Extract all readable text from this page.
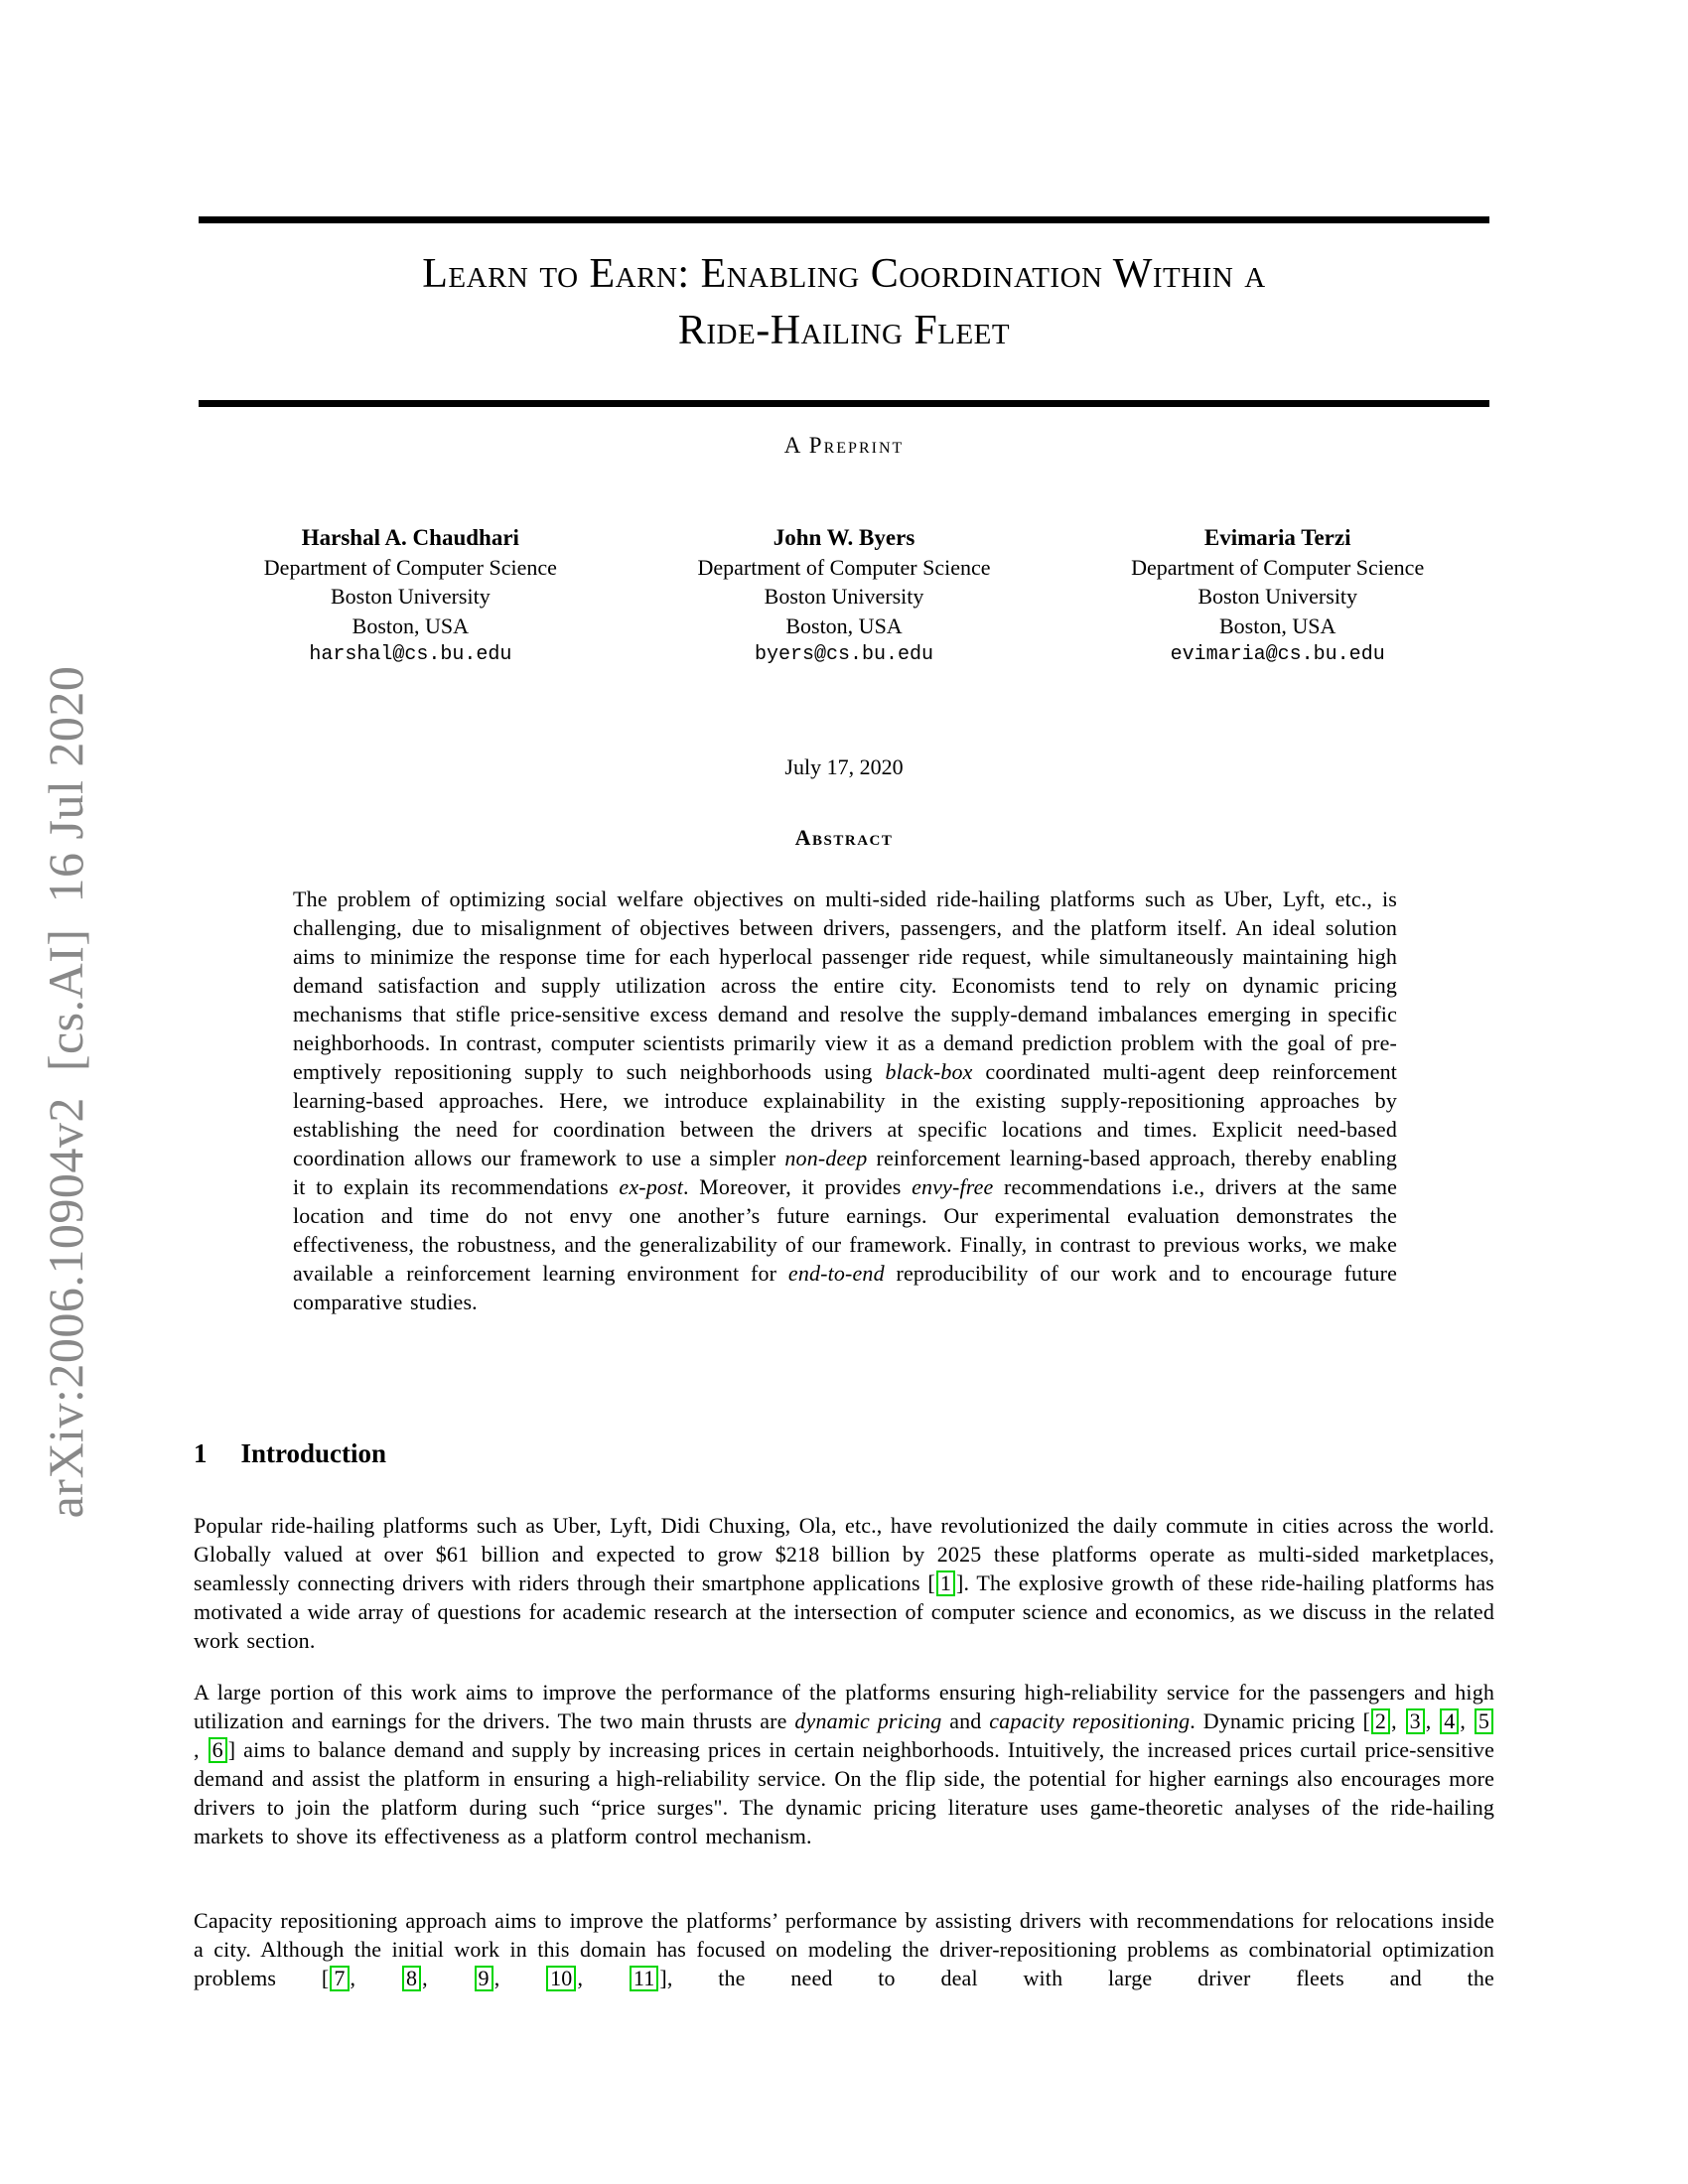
arXiv:2006.10904v2  [cs.AI]  16 Jul 2020
Learn to Earn: Enabling Coordination Within a
Ride-Hailing Fleet
A Preprint
Harshal A. Chaudhari
Department of Computer Science
Boston University
Boston, USA
harshal@cs.bu.edu
John W. Byers
Department of Computer Science
Boston University
Boston, USA
byers@cs.bu.edu
Evimaria Terzi
Department of Computer Science
Boston University
Boston, USA
evimaria@cs.bu.edu
July 17, 2020
Abstract
The problem of optimizing social welfare objectives on multi-sided ride-hailing platforms such as Uber, Lyft, etc., is challenging, due to misalignment of objectives between drivers, passengers, and the platform itself. An ideal solution aims to minimize the response time for each hyperlocal passenger ride request, while simultaneously maintaining high demand satisfaction and supply utilization across the entire city. Economists tend to rely on dynamic pricing mechanisms that stifle price-sensitive excess demand and resolve the supply-demand imbalances emerging in specific neighborhoods. In contrast, computer scientists primarily view it as a demand prediction problem with the goal of pre-emptively repositioning supply to such neighborhoods using black-box coordinated multi-agent deep reinforcement learning-based approaches. Here, we introduce explainability in the existing supply-repositioning approaches by establishing the need for coordination between the drivers at specific locations and times. Explicit need-based coordination allows our framework to use a simpler non-deep reinforcement learning-based approach, thereby enabling it to explain its recommendations ex-post. Moreover, it provides envy-free recommendations i.e., drivers at the same location and time do not envy one another’s future earnings. Our experimental evaluation demonstrates the effectiveness, the robustness, and the generalizability of our framework. Finally, in contrast to previous works, we make available a reinforcement learning environment for end-to-end reproducibility of our work and to encourage future comparative studies.
1 Introduction
Popular ride-hailing platforms such as Uber, Lyft, Didi Chuxing, Ola, etc., have revolutionized the daily commute in cities across the world. Globally valued at over $61 billion and expected to grow $218 billion by 2025 these platforms operate as multi-sided marketplaces, seamlessly connecting drivers with riders through their smartphone applications [ 1 ]. The explosive growth of these ride-hailing platforms has motivated a wide array of questions for academic research at the intersection of computer science and economics, as we discuss in the related work section.
A large portion of this work aims to improve the performance of the platforms ensuring high-reliability service for the passengers and high utilization and earnings for the drivers. The two main thrusts are dynamic pricing and capacity repositioning. Dynamic pricing [ 2 , 3 , 4 , 5, 6 ] aims to balance demand and supply by increasing prices in certain neighborhoods. Intuitively, the increased prices curtail price-sensitive demand and assist the platform in ensuring a high-reliability service. On the flip side, the potential for higher earnings also encourages more drivers to join the platform during such “price surges". The dynamic pricing literature uses game-theoretic analyses of the ride-hailing markets to shove its effectiveness as a platform control mechanism.
Capacity repositioning approach aims to improve the platforms’ performance by assisting drivers with recommendations for relocations inside a city. Although the initial work in this domain has focused on modeling the driver-repositioning problems as combinatorial optimization problems [ 7 , 8 , 9 , 10 , 11 ], the need to deal with large driver fleets and the
